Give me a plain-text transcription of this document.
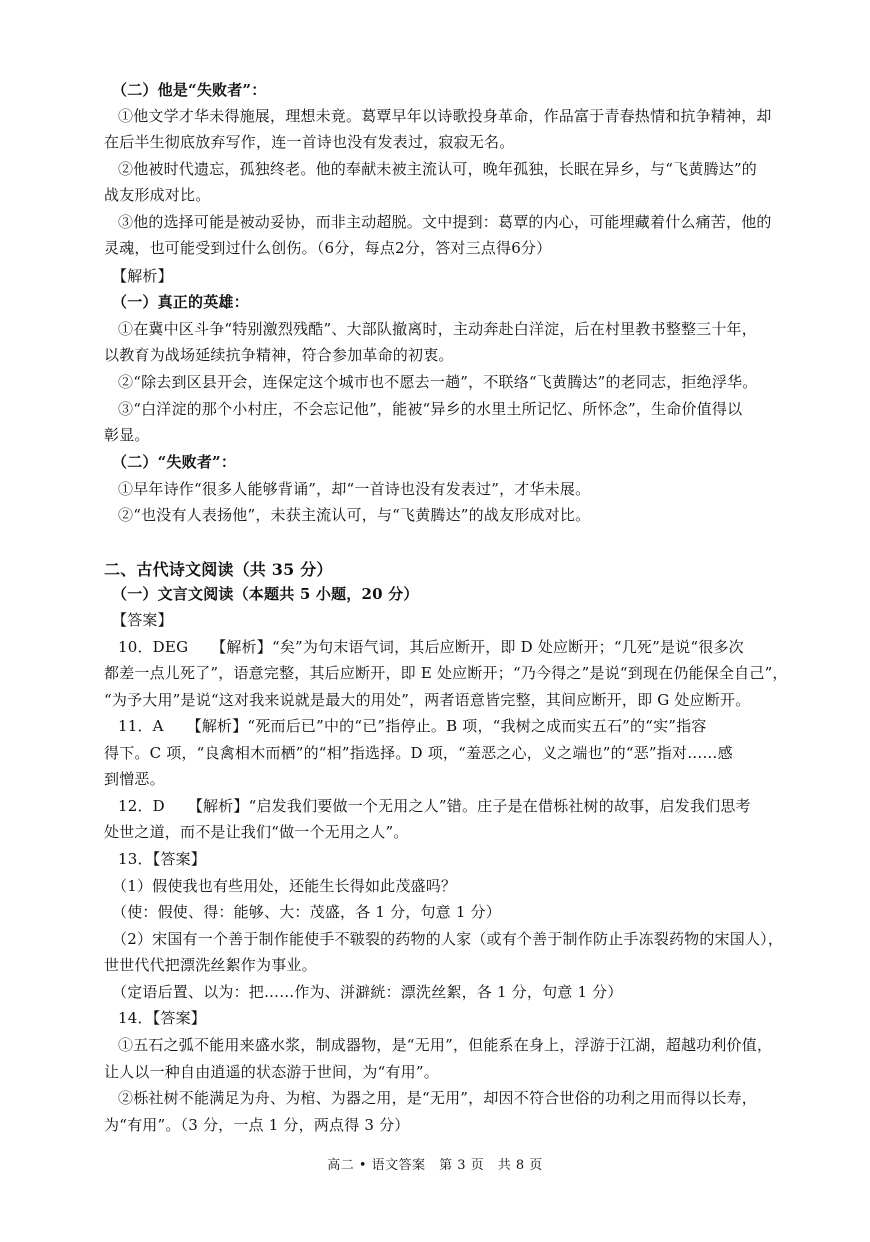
（二）他是“失败者”：
①他文学才华未得施展，理想未竟。葛覃早年以诗歌投身革命，作品富于青春热情和抗争精神，却
在后半生彻底放弃写作，连一首诗也没有发表过，寂寂无名。
②他被时代遗忘，孤独终老。他的奉献未被主流认可，晚年孤独，长眠在异乡，与“飞黄腾达”的
战友形成对比。
③他的选择可能是被动妥协，而非主动超脱。文中提到：葛覃的内心，可能埋藏着什么痛苦，他的
灵魂，也可能受到过什么创伤。（6分，每点2分，答对三点得6分）
【解析】
（一）真正的英雄：
①在冀中区斗争“特别激烈残酷”、大部队撤离时，主动奔赴白洋淀，后在村里教书整整三十年，
以教育为战场延续抗争精神，符合参加革命的初衷。
②“除去到区县开会，连保定这个城市也不愿去一趟”，不联络“飞黄腾达”的老同志，拒绝浮华。
③“白洋淀的那个小村庄，不会忘记他”，能被“异乡的水里土所记忆、所怀念”，生命价值得以
彰显。
（二）“失败者”：
①早年诗作“很多人能够背诵”，却“一首诗也没有发表过”，才华未展。
②“也没有人表扬他”，未获主流认可，与“飞黄腾达”的战友形成对比。
二、古代诗文阅读（共 35 分）
（一）文言文阅读（本题共 5 小题，20 分）
【答案】
10．DEG　　【解析】“矣”为句末语气词，其后应断开，即 D 处应断开；“几死”是说“很多次
都差一点儿死了”，语意完整，其后应断开，即 E 处应断开；“乃今得之”是说“到现在仍能保全自己”，
“为予大用”是说“这对我来说就是最大的用处”，两者语意皆完整，其间应断开，即 G 处应断开。
11．A　　【解析】“死而后已”中的“已”指停止。B 项，“我树之成而实五石”的“实”指容
得下。C 项，“良禽相木而栖”的“相”指选择。D 项，“羞恶之心，义之端也”的“恶”指对……感
到憎恶。
12．D　　【解析】“启发我们要做一个无用之人”错。庄子是在借栎社树的故事，启发我们思考
处世之道，而不是让我们“做一个无用之人”。
13．【答案】
（1）假使我也有些用处，还能生长得如此茂盛吗？
（使：假使、得：能够、大：茂盛，各 1 分，句意 1 分）
（2）宋国有一个善于制作能使手不皲裂的药物的人家（或有个善于制作防止手冻裂药物的宋国人），
世世代代把漂洗丝絮作为事业。
（定语后置、以为：把……作为、洴澼絖：漂洗丝絮，各 1 分，句意 1 分）
14．【答案】
①五石之弧不能用来盛水浆，制成器物，是“无用”，但能系在身上，浮游于江湖，超越功利价值，
让人以一种自由逍遥的状态游于世间，为“有用”。
②栎社树不能满足为舟、为棺、为器之用，是“无用”，却因不符合世俗的功利之用而得以长寿，
为“有用”。（3 分，一点 1 分，两点得 3 分）
高二 • 语文答案　第 3 页　共 8 页
